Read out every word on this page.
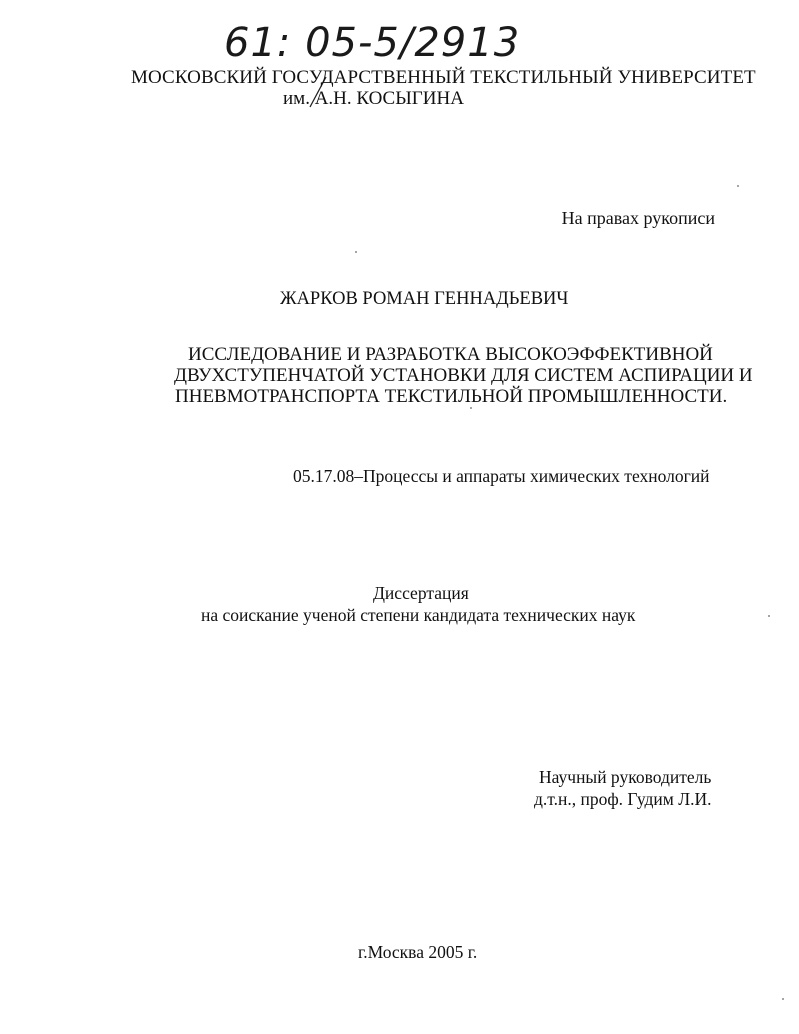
61: 05-5/2913
МОСКОВСКИЙ ГОСУДАРСТВЕННЫЙ ТЕКСТИЛЬНЫЙ УНИВЕРСИТЕТ
им. А.Н. КОСЫГИНА
На правах рукописи
ЖАРКОВ РОМАН ГЕННАДЬЕВИЧ
ИССЛЕДОВАНИЕ И РАЗРАБОТКА ВЫСОКОЭФФЕКТИВНОЙ
ДВУХСТУПЕНЧАТОЙ УСТАНОВКИ ДЛЯ СИСТЕМ АСПИРАЦИИ И
ПНЕВМОТРАНСПОРТА ТЕКСТИЛЬНОЙ ПРОМЫШЛЕННОСТИ.
05.17.08–Процессы и аппараты химических технологий
Диссертация
на соискание ученой степени кандидата технических наук
Научный руководитель
д.т.н., проф. Гудим Л.И.
г.Москва 2005 г.
